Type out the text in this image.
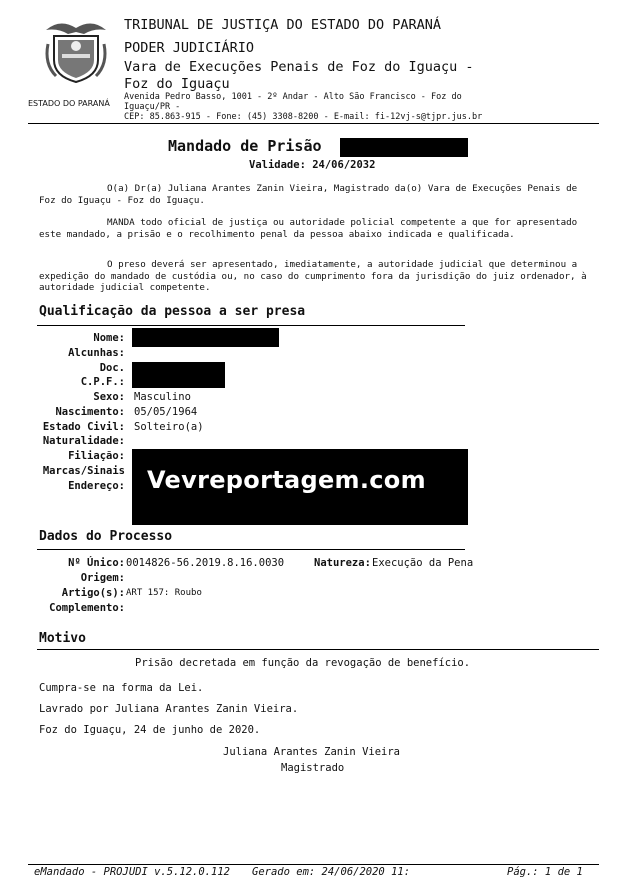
ESTADO DO PARANÁ
TRIBUNAL DE JUSTIÇA DO ESTADO DO PARANÁ
PODER JUDICIÁRIO
Vara de Execuções Penais de Foz do Iguaçu -
Foz do Iguaçu
Avenida Pedro Basso, 1001 - 2º Andar - Alto São Francisco - Foz do
Iguaçu/PR -
CEP: 85.863-915 - Fone: (45) 3308-8200 - E-mail: fi-12vj-s@tjpr.jus.br
Mandado de Prisão
Validade: 24/06/2032
O(a) Dr(a) Juliana Arantes Zanin Vieira, Magistrado da(o) Vara de Execuções Penais de Foz do Iguaçu - Foz do Iguaçu.
MANDA todo oficial de justiça ou autoridade policial competente a que for apresentado este mandado, a prisão e o recolhimento penal da pessoa abaixo indicada e qualificada.
O preso deverá ser apresentado, imediatamente, a autoridade judicial que determinou a expedição do mandado de custódia ou, no caso do cumprimento fora da jurisdição do juiz ordenador, à autoridade judicial competente.
Qualificação da pessoa a ser presa
Nome:
Alcunhas:
Doc.
C.P.F.:
Sexo:
Nascimento:
Estado Civil:
Naturalidade:
Filiação:
Marcas/Sinais
Endereço:
Masculino
05/05/1964
Solteiro(a)
Vevreportagem.com
Dados do Processo
Nº Único: 0014826-56.2019.8.16.0030	Natureza: Execução da Pena
Origem:
Artigo(s): ART 157: Roubo
Complemento:
Motivo
Prisão decretada em função da revogação de benefício.
Cumpra-se na forma da Lei.
Lavrado por Juliana Arantes Zanin Vieira.
Foz do Iguaçu, 24 de junho de 2020.
Juliana Arantes Zanin Vieira
Magistrado
eMandado - PROJUDI v.5.12.0.112 Gerado em: 24/06/2020 11:	Pág.: 1 de 1
